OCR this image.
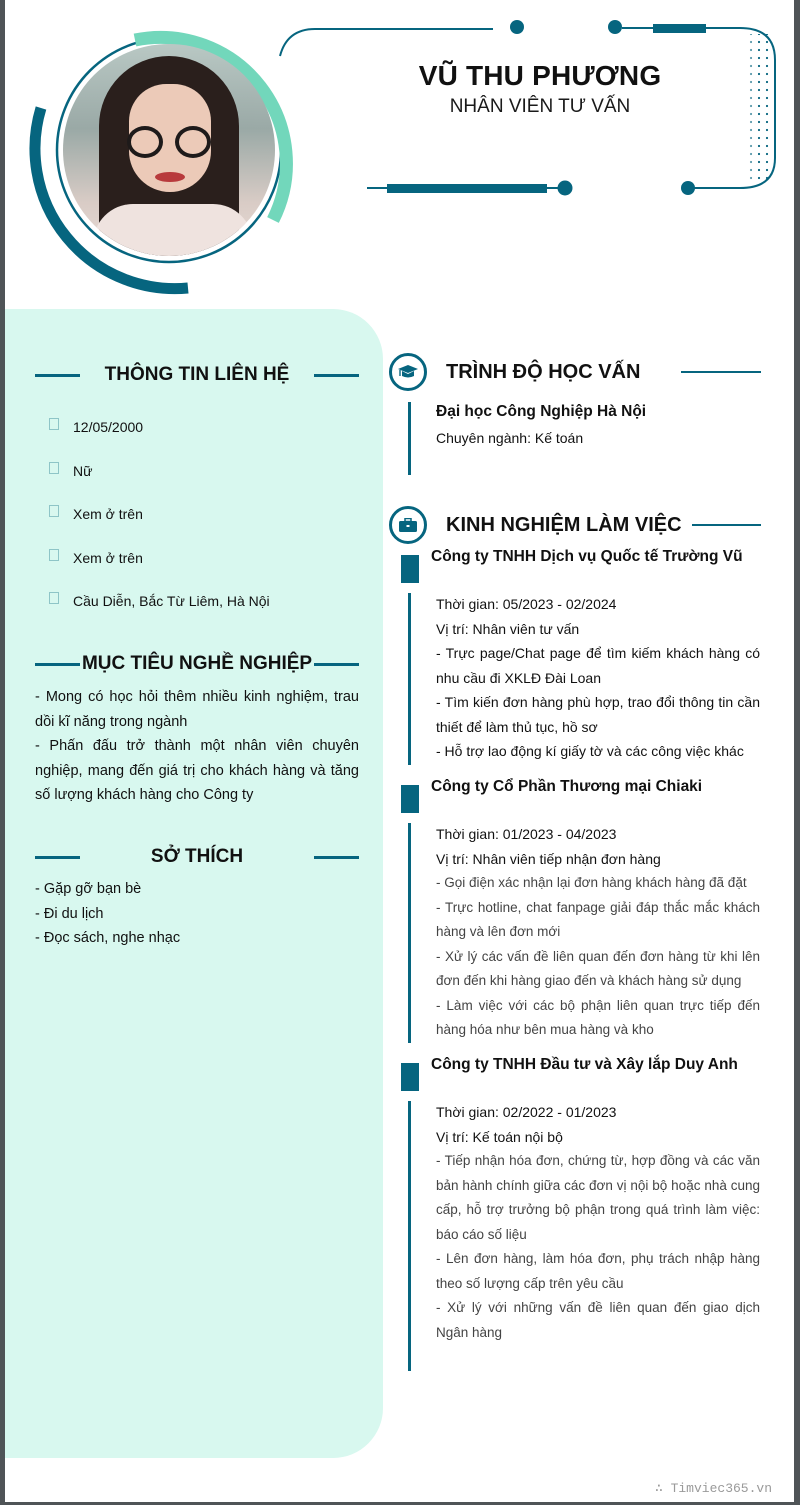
VŨ THU PHƯƠNG
NHÂN VIÊN TƯ VẤN
THÔNG TIN LIÊN HỆ
12/05/2000
Nữ
Xem ở trên
Xem ở trên
Cầu Diễn, Bắc Từ Liêm, Hà Nội
MỤC TIÊU NGHỀ NGHIỆP

- Mong có học hỏi thêm nhiều kinh nghiệm, trau dồi kĩ năng trong ngành

- Phấn đấu trở thành một nhân viên chuyên nghiệp, mang đến giá trị cho khách hàng và tăng số lượng khách hàng cho Công ty

SỞ THÍCH

- Gặp gỡ bạn bè

- Đi du lịch

- Đọc sách, nghe nhạc

TRÌNH ĐỘ HỌC VẤN
Đại học Công Nghiệp Hà Nội
Chuyên ngành: Kế toán
KINH NGHIỆM LÀM VIỆC
Công ty TNHH Dịch vụ Quốc tế Trường Vũ
Thời gian: 05/2023 - 02/2024
Vị trí: Nhân viên tư vấn

- Trực page/Chat page để tìm kiếm khách hàng có nhu cầu đi XKLĐ Đài Loan

- Tìm kiến đơn hàng phù hợp, trao đổi thông tin cần thiết để làm thủ tục, hồ sơ

- Hỗ trợ lao động kí giấy tờ và các công việc khác

Công ty Cổ Phần Thương mại Chiaki
Thời gian: 01/2023 - 04/2023
Vị trí: Nhân viên tiếp nhận đơn hàng

- Gọi điện xác nhận lại đơn hàng khách hàng đã đặt

- Trực hotline, chat fanpage giải đáp thắc mắc khách hàng và lên đơn mới

- Xử lý các vấn đề liên quan đến đơn hàng từ khi lên đơn đến khi hàng giao đến và khách hàng sử dụng

- Làm việc với các bộ phận liên quan trực tiếp đến hàng hóa như bên mua hàng và kho

Công ty TNHH Đầu tư và Xây lắp Duy Anh
Thời gian: 02/2022 - 01/2023
Vị trí: Kế toán nội bộ

- Tiếp nhận hóa đơn, chứng từ, hợp đồng và các văn bản hành chính giữa các đơn vị nội bộ hoặc nhà cung cấp, hỗ trợ trưởng bộ phận trong quá trình làm việc: báo cáo số liệu

- Lên đơn hàng, làm hóa đơn, phụ trách nhập hàng theo số lượng cấp trên yêu cầu

- Xử lý với những vấn đề liên quan đến giao dịch Ngân hàng

∴ Timviec365.vn
